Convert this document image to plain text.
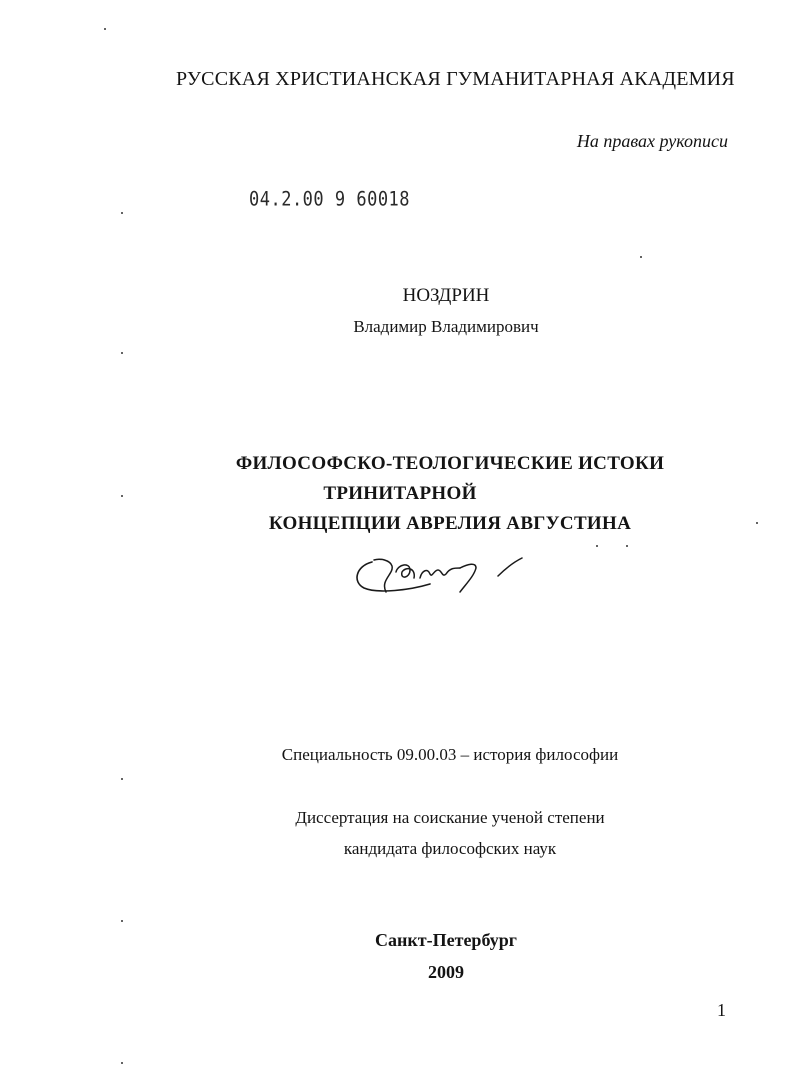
РУССКАЯ ХРИСТИАНСКАЯ ГУМАНИТАРНАЯ АКАДЕМИЯ
На правах рукописи
04.2.00 9 60018
НОЗДРИН
Владимир Владимирович
ФИЛОСОФСКО-ТЕОЛОГИЧЕСКИЕ ИСТОКИ
ТРИНИТАРНОЙ
КОНЦЕПЦИИ АВРЕЛИЯ АВГУСТИНА
Специальность 09.00.03 – история философии
Диссертация на соискание ученой степени
кандидата философских наук
Санкт-Петербург
2009
1
